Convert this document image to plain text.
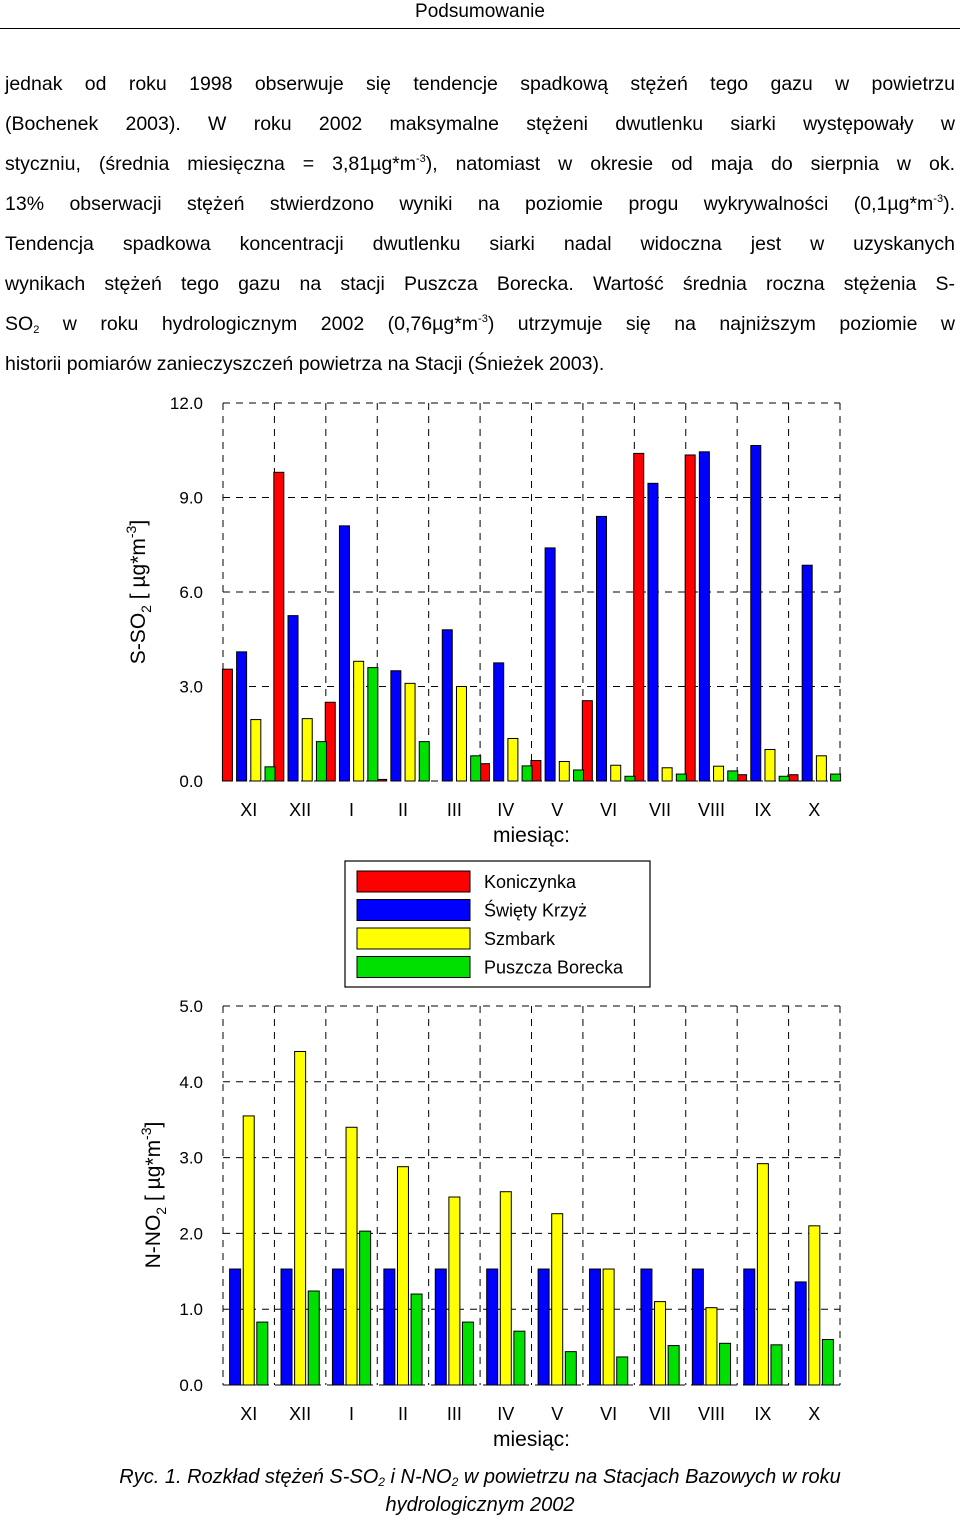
Podsumowanie
jednak od roku 1998 obserwuje się tendencje spadkową stężeń tego gazu w powietrzu
(Bochenek 2003). W roku 2002 maksymalne stężeni dwutlenku siarki występowały w
styczniu, (średnia miesięczna = $3,81\mu g*m^{-3}$), natomiast w okresie od maja do sierpnia w ok.
13% obserwacji stężeń stwierdzono wyniki na poziomie progu wykrywalności $(0,1\mu g*m^{-3})$.
Tendencja spadkowa koncentracji dwutlenku siarki nadal widoczna jest w uzyskanych
wynikach stężeń tego gazu na stacji Puszcza Borecka. Wartość średnia roczna stężenia S-
$SO_2$ w roku hydrologicznym 2002 $(0,76\mu g*m^{-3})$ utrzymuje się na najniższym poziomie w
historii pomiarów zanieczyszczeń powietrza na Stacji (Śnieżek 2003).
0.0
3.0
6.0
9.0
12.0
XI XII I II III IV V VI VII VIII IX X
miesiąc:
$S-SO_2$ [ $\mu g*m^{-3}$]
Koniczynka
Święty Krzyż
Szmbark
Puszcza Borecka
0.0
1.0
2.0
3.0
4.0
5.0
XI XII I II III IV V VI VII VIII IX X
miesiąc:
$N-NO_2$ [ $\mu g*m^{-3}$]
Ryc. 1. Rozkład stężeń $S-SO_2$ i $N-NO_2$ w powietrzu na Stacjach Bazowych w roku
hydrologicznym 2002
